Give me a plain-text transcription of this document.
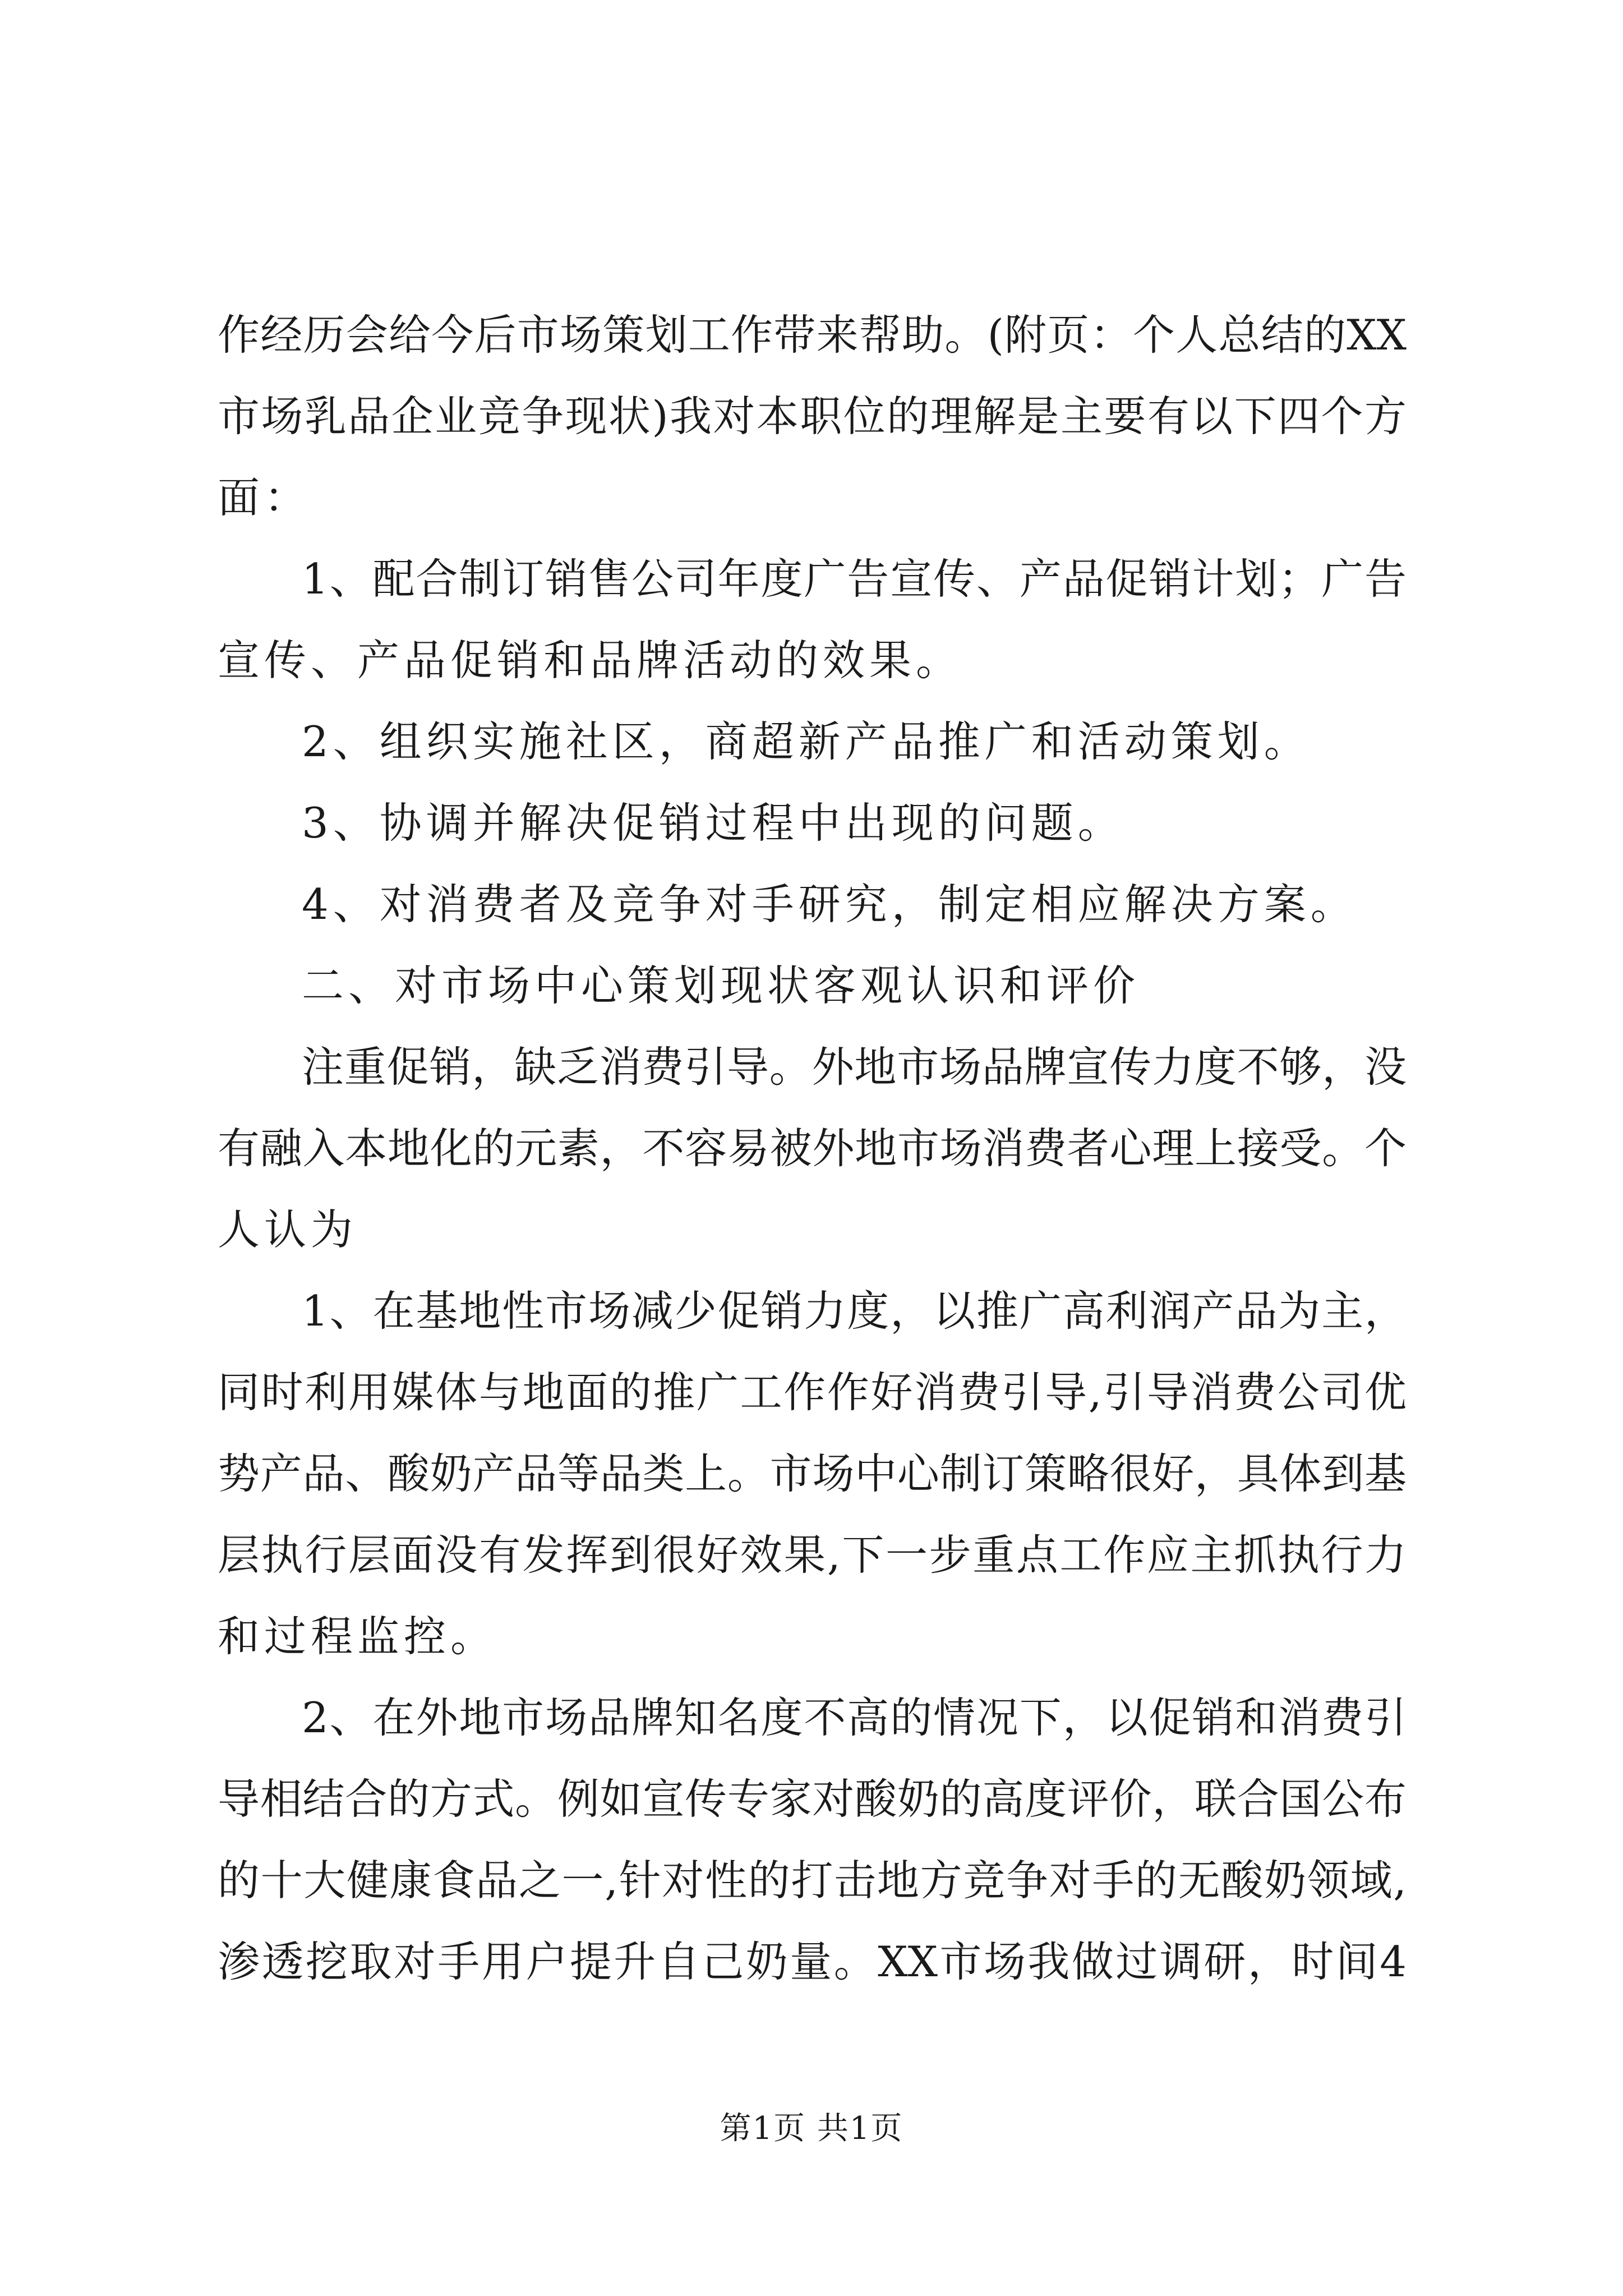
作经历会给今后市场策划工作带来帮助。(附页：个人总结的XX
市场乳品企业竞争现状)我对本职位的理解是主要有以下四个方
面：
1、配合制订销售公司年度广告宣传、产品促销计划；广告
宣传、产品促销和品牌活动的效果。
2、组织实施社区，商超新产品推广和活动策划。
3、协调并解决促销过程中出现的问题。
4、对消费者及竞争对手研究，制定相应解决方案。
二、对市场中心策划现状客观认识和评价
注重促销，缺乏消费引导。外地市场品牌宣传力度不够，没
有融入本地化的元素，不容易被外地市场消费者心理上接受。个
人认为
1、在基地性市场减少促销力度，以推广高利润产品为主，
同时利用媒体与地面的推广工作作好消费引导,引导消费公司优
势产品、酸奶产品等品类上。市场中心制订策略很好，具体到基
层执行层面没有发挥到很好效果,下一步重点工作应主抓执行力
和过程监控。
2、在外地市场品牌知名度不高的情况下，以促销和消费引
导相结合的方式。例如宣传专家对酸奶的高度评价，联合国公布
的十大健康食品之一,针对性的打击地方竞争对手的无酸奶领域,
渗透挖取对手用户提升自己奶量。XX市场我做过调研，时间4
第1页 共1页
